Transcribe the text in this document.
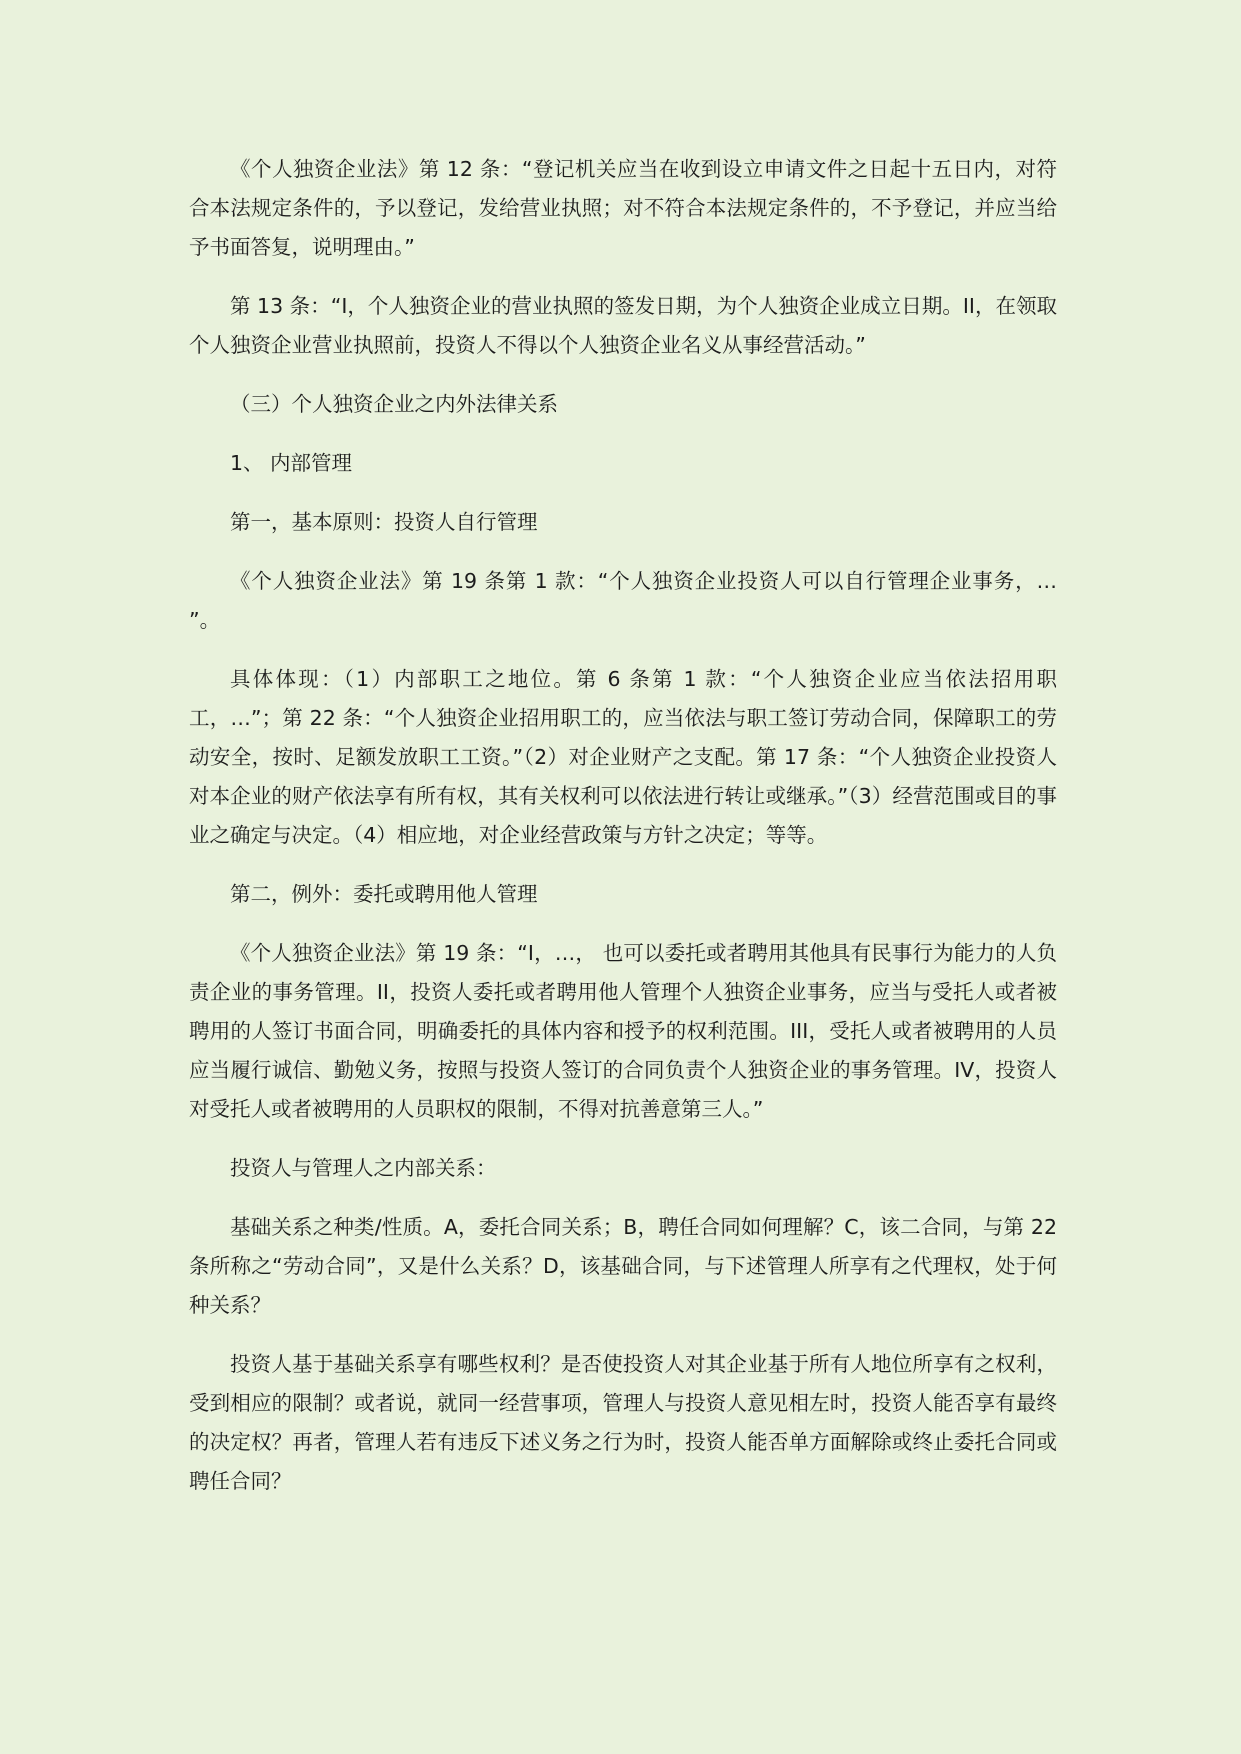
《个人独资企业法》第 12 条：“登记机关应当在收到设立申请文件之日起十五日内，对符合本法规定条件的，予以登记，发给营业执照；对不符合本法规定条件的，不予登记，并应当给予书面答复，说明理由。”

第 13 条：“I，个人独资企业的营业执照的签发日期，为个人独资企业成立日期。II，在领取个人独资企业营业执照前，投资人不得以个人独资企业名义从事经营活动。”

（三）个人独资企业之内外法律关系

1、 内部管理

第一，基本原则：投资人自行管理

《个人独资企业法》第 19 条第 1 款：“个人独资企业投资人可以自行管理企业事务，… ”。

具体体现：（1）内部职工之地位。第 6 条第 1 款：“个人独资企业应当依法招用职工，…”；第 22 条：“个人独资企业招用职工的，应当依法与职工签订劳动合同，保障职工的劳动安全，按时、足额发放职工工资。”（2）对企业财产之支配。第 17 条：“个人独资企业投资人对本企业的财产依法享有所有权，其有关权利可以依法进行转让或继承。”（3）经营范围或目的事业之确定与决定。（4）相应地，对企业经营政策与方针之决定；等等。

第二，例外：委托或聘用他人管理

《个人独资企业法》第 19 条：“I，…， 也可以委托或者聘用其他具有民事行为能力的人负责企业的事务管理。II，投资人委托或者聘用他人管理个人独资企业事务，应当与受托人或者被聘用的人签订书面合同，明确委托的具体内容和授予的权利范围。III，受托人或者被聘用的人员应当履行诚信、勤勉义务，按照与投资人签订的合同负责个人独资企业的事务管理。IV，投资人对受托人或者被聘用的人员职权的限制，不得对抗善意第三人。”

投资人与管理人之内部关系：

基础关系之种类/性质。A，委托合同关系；B，聘任合同如何理解？C，该二合同，与第 22 条所称之“劳动合同”，又是什么关系？D，该基础合同，与下述管理人所享有之代理权，处于何种关系？

投资人基于基础关系享有哪些权利？是否使投资人对其企业基于所有人地位所享有之权利，受到相应的限制？或者说，就同一经营事项，管理人与投资人意见相左时，投资人能否享有最终的决定权？再者，管理人若有违反下述义务之行为时，投资人能否单方面解除或终止委托合同或聘任合同？
